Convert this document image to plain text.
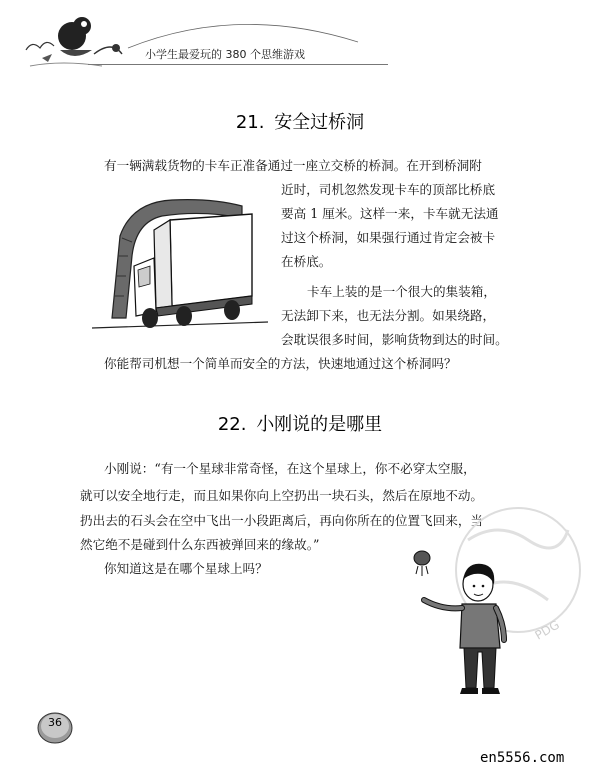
小学生最爱玩的 380 个思维游戏
21. 安全过桥洞

有一辆满载货物的卡车正准备通过一座立交桥的桥洞。在开到桥洞附

近时，司机忽然发现卡车的顶部比桥底

要高 1 厘米。这样一来，卡车就无法通

过这个桥洞，如果强行通过肯定会被卡

在桥底。

卡车上装的是一个很大的集装箱，

无法卸下来，也无法分割。如果绕路，

会耽误很多时间，影响货物到达的时间。

你能帮司机想一个简单而安全的方法，快速地通过这个桥洞吗？

22. 小刚说的是哪里

小刚说：“有一个星球非常奇怪，在这个星球上，你不必穿太空服，

就可以安全地行走，而且如果你向上空扔出一块石头，然后在原地不动。

扔出去的石头会在空中飞出一小段距离后，再向你所在的位置飞回来，当

然它绝不是碰到什么东西被弹回来的缘故。”

你知道这是在哪个星球上吗？

PDG
36
en5556.com
